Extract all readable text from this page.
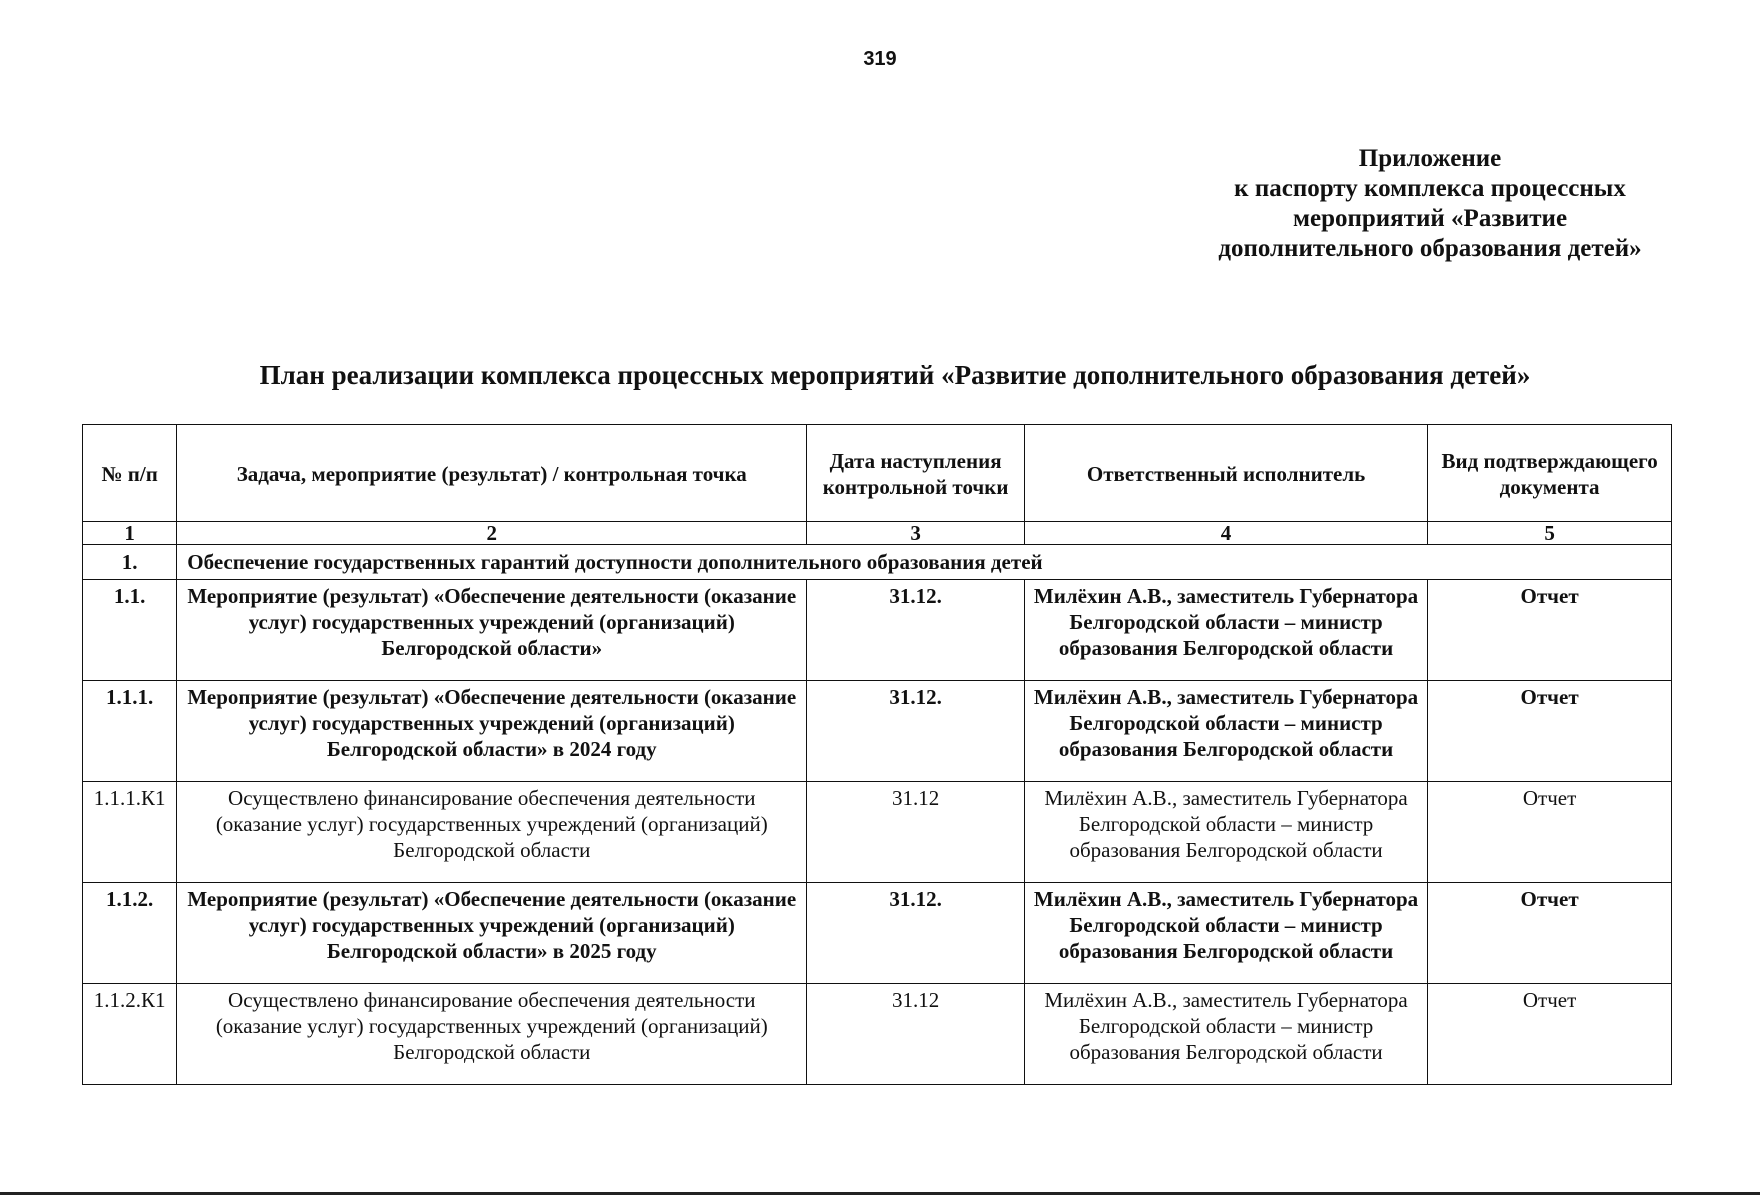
319
Приложение
к паспорту комплекса процессных
мероприятий «Развитие
дополнительного образования детей»
План реализации комплекса процессных мероприятий «Развитие дополнительного образования детей»
№ п/п	Задача, мероприятие (результат) / контрольная точка	Дата наступления контрольной точки	Ответственный исполнитель	Вид подтверждающего документа
1	2	3	4	5
1.	Обеспечение государственных гарантий доступности дополнительного образования детей			
1.1.	Мероприятие (результат) «Обеспечение деятельности (оказание услуг) государственных учреждений (организаций) Белгородской области»	31.12.	Милёхин А.В., заместитель Губернатора Белгородской области – министр образования Белгородской области	Отчет
1.1.1.	Мероприятие (результат) «Обеспечение деятельности (оказание услуг) государственных учреждений (организаций) Белгородской области» в 2024 году	31.12.	Милёхин А.В., заместитель Губернатора Белгородской области – министр образования Белгородской области	Отчет
1.1.1.К1	Осуществлено финансирование обеспечения деятельности (оказание услуг) государственных учреждений (организаций) Белгородской области	31.12	Милёхин А.В., заместитель Губернатора Белгородской области – министр образования Белгородской области	Отчет
1.1.2.	Мероприятие (результат) «Обеспечение деятельности (оказание услуг) государственных учреждений (организаций) Белгородской области» в 2025 году	31.12.	Милёхин А.В., заместитель Губернатора Белгородской области – министр образования Белгородской области	Отчет
1.1.2.К1	Осуществлено финансирование обеспечения деятельности (оказание услуг) государственных учреждений (организаций) Белгородской области	31.12	Милёхин А.В., заместитель Губернатора Белгородской области – министр образования Белгородской области	Отчет
